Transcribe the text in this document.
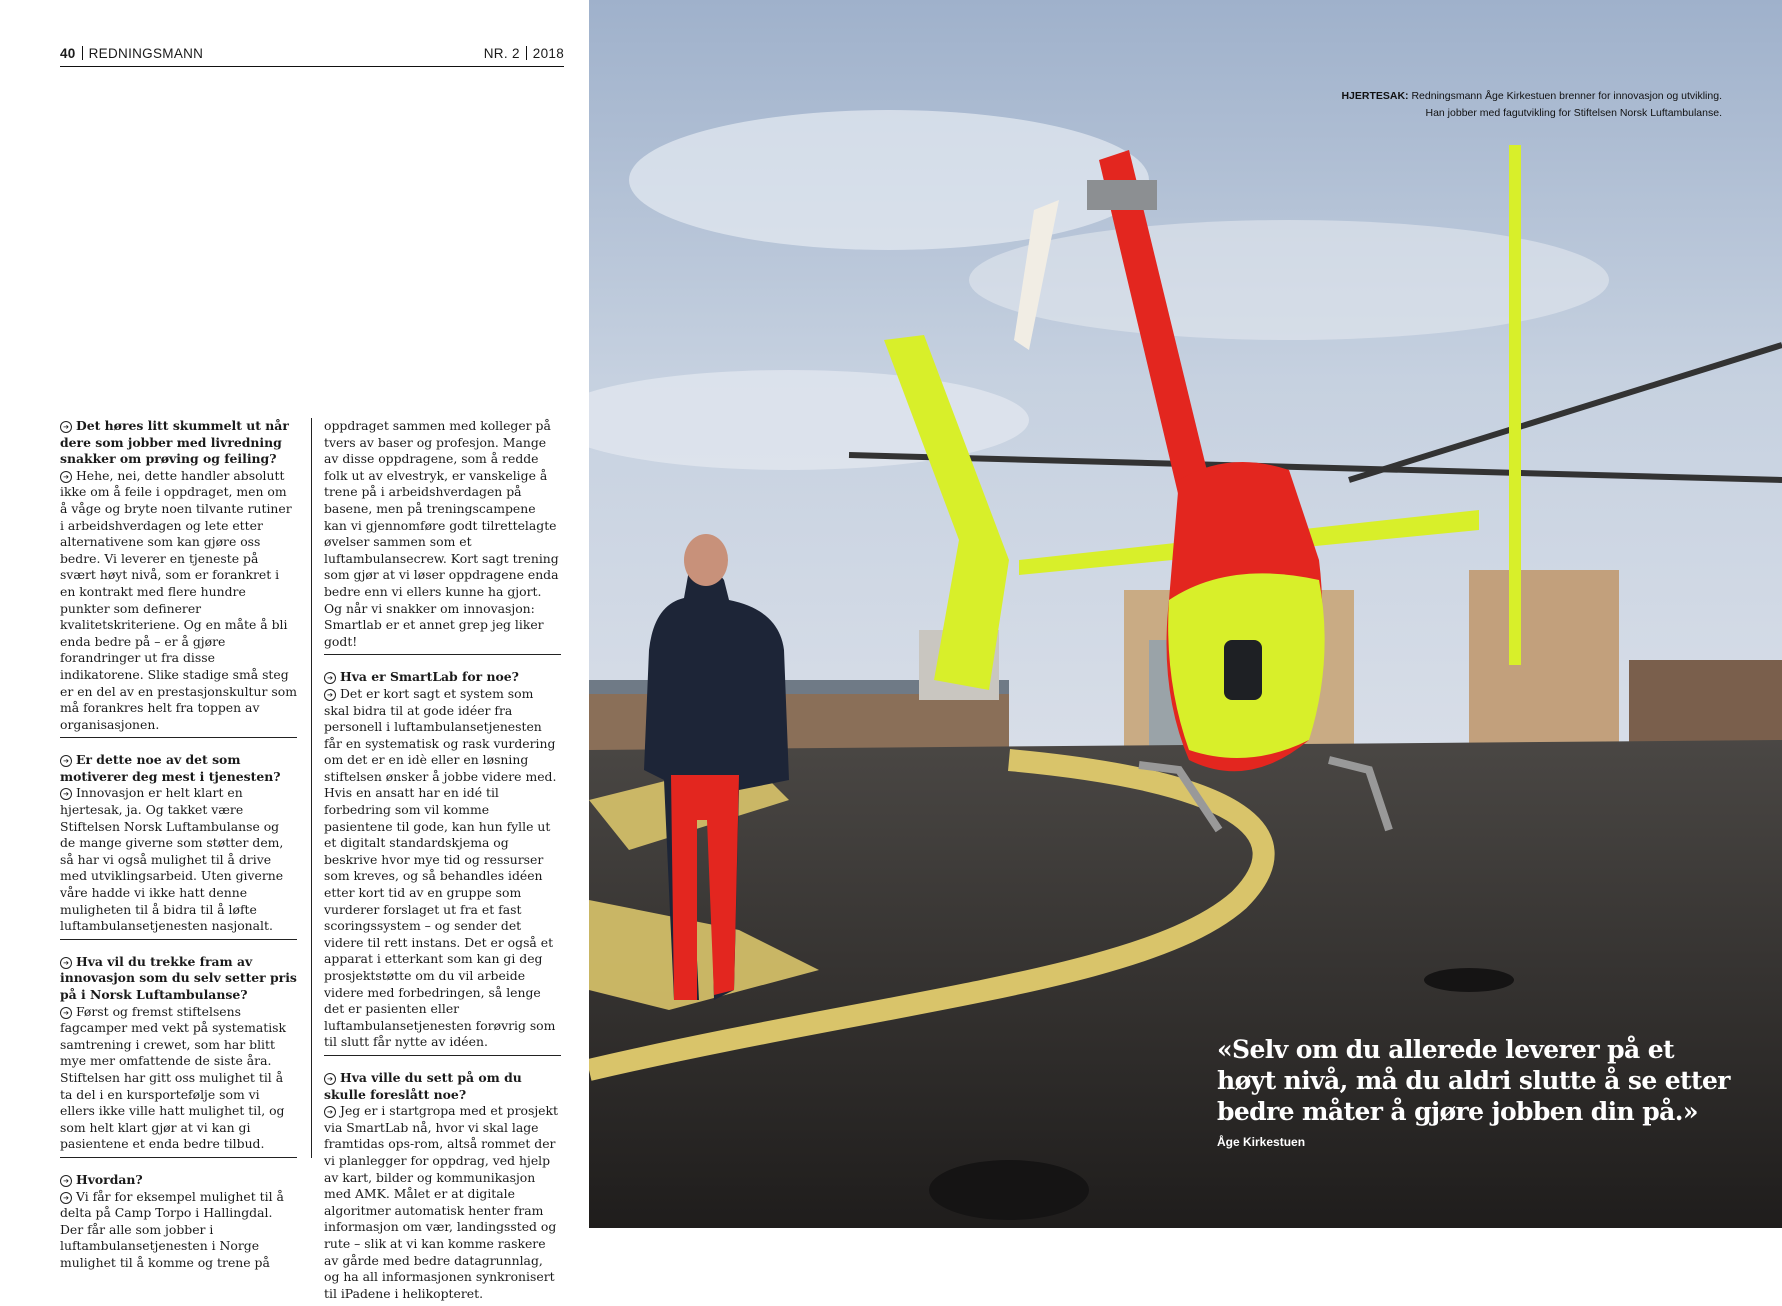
40 REDNINGSMANN	NR. 2 2018

➔ Det høres litt skummelt ut når dere som jobber med livredning snakker om prøving og feiling?

➔ Hehe, nei, dette handler absolutt ikke om å feile i oppdraget, men om å våge og bryte noen tilvante rutiner i arbeidshverdagen og lete etter alternativene som kan gjøre oss bedre. Vi leverer en tjeneste på svært høyt nivå, som er forankret i en kontrakt med flere hundre punkter som definerer kvalitetskriteriene. Og en måte å bli enda bedre på – er å gjøre forandringer ut fra disse indikatorene. Slike stadige små steg er en del av en prestasjonskultur som må forankres helt fra toppen av organisasjonen.

➔ Er dette noe av det som motiverer deg mest i tjenesten?

➔ Innovasjon er helt klart en hjertesak, ja. Og takket være Stiftelsen Norsk Luftambulanse og de mange giverne som støtter dem, så har vi også mulighet til å drive med utviklingsarbeid. Uten giverne våre hadde vi ikke hatt denne muligheten til å bidra til å løfte luftambulansetjenesten nasjonalt.

➔ Hva vil du trekke fram av innovasjon som du selv setter pris på i Norsk Luftambulanse?

➔ Først og fremst stiftelsens fagcamper med vekt på systematisk samtrening i crewet, som har blitt mye mer omfattende de siste åra. Stiftelsen har gitt oss mulighet til å ta del i en kursportefølje som vi ellers ikke ville hatt mulighet til, og som helt klart gjør at vi kan gi pasientene et enda bedre tilbud.

➔ Hvordan?

➔ Vi får for eksempel mulighet til å delta på Camp Torpo i Hallingdal. Der får alle som jobber i luftambulansetjenesten i Norge mulighet til å komme og trene på

oppdraget sammen med kolleger på tvers av baser og profesjon. Mange av disse oppdragene, som å redde folk ut av elvestryk, er vanskelige å trene på i arbeidshverdagen på basene, men på treningscampene kan vi gjennomføre godt tilrettelagte øvelser sammen som et luftambulansecrew. Kort sagt trening som gjør at vi løser oppdragene enda bedre enn vi ellers kunne ha gjort. Og når vi snakker om innovasjon: Smartlab er et annet grep jeg liker godt!

➔ Hva er SmartLab for noe?

➔ Det er kort sagt et system som skal bidra til at gode idéer fra personell i luftambulansetjenesten får en systematisk og rask vurdering om det er en idè eller en løsning stiftelsen ønsker å jobbe videre med. Hvis en ansatt har en idé til forbedring som vil komme pasientene til gode, kan hun fylle ut et digitalt standardskjema og beskrive hvor mye tid og ressurser som kreves, og så behandles idéen etter kort tid av en gruppe som vurderer forslaget ut fra et fast scoringssystem – og sender det videre til rett instans. Det er også et apparat i etterkant som kan gi deg prosjektstøtte om du vil arbeide videre med forbedringen, så lenge det er pasienten eller luftambulansetjenesten forøvrig som til slutt får nytte av idéen.

➔ Hva ville du sett på om du skulle foreslått noe?

➔ Jeg er i startgropa med et prosjekt via SmartLab nå, hvor vi skal lage framtidas ops-rom, altså rommet der vi planlegger for oppdrag, ved hjelp av kart, bilder og kommunikasjon med AMK. Målet er at digitale algoritmer automatisk henter fram informasjon om vær, landingssted og rute – slik at vi kan komme raskere av gårde med bedre datagrunnlag, og ha all informasjonen synkronisert til iPadene i helikopteret.

HJERTESAK: Redningsmann Åge Kirkestuen brenner for innovasjon og utvikling.
Han jobber med fagutvikling for Stiftelsen Norsk Luftambulanse.
«Selv om du allerede leverer på et høyt nivå, må du aldri slutte å se etter bedre måter å gjøre jobben din på.»
Åge Kirkestuen
